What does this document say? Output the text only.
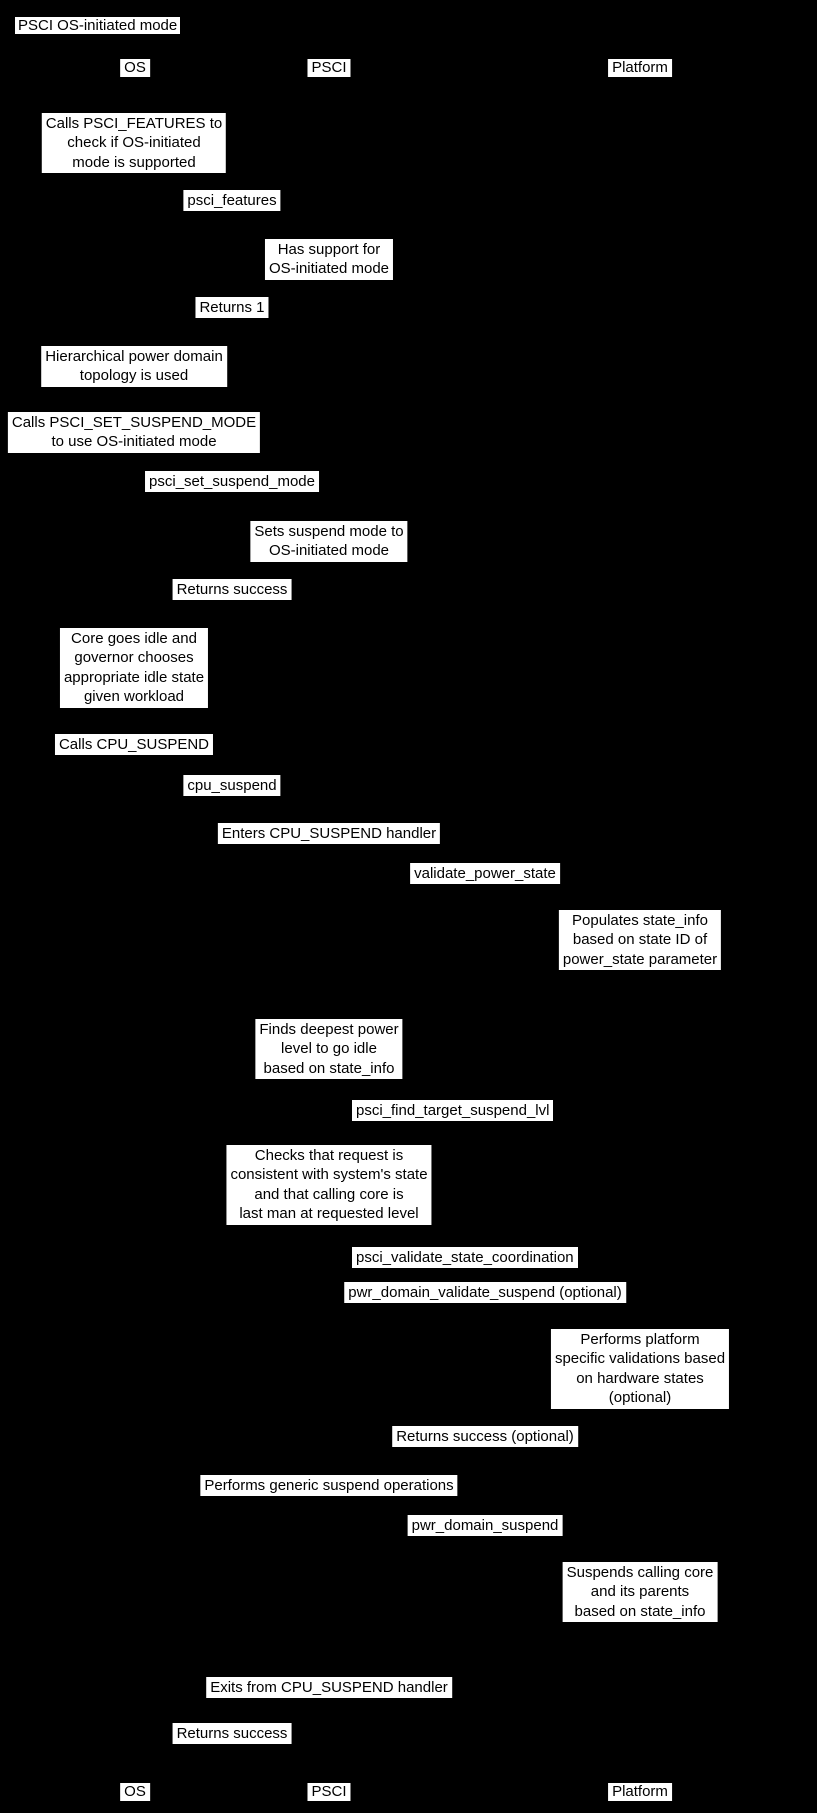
PSCI OS-initiated mode
OS
OS
PSCI
PSCI
Platform
Platform
Calls PSCI_FEATURES to
check if OS-initiated
mode is supported
psci_features
Has support for
OS-initiated mode
Returns 1
Hierarchical power domain
topology is used
Calls PSCI_SET_SUSPEND_MODE
to use OS-initiated mode
psci_set_suspend_mode
Sets suspend mode to
OS-initiated mode
Returns success
Core goes idle and
governor chooses
appropriate idle state
given workload
Calls CPU_SUSPEND
cpu_suspend
Enters CPU_SUSPEND handler
validate_power_state
Populates state_info
based on state ID of
power_state parameter
Finds deepest power
level to go idle
based on state_info
psci_find_target_suspend_lvl
Checks that request is
consistent with system's state
and that calling core is
last man at requested level
psci_validate_state_coordination
pwr_domain_validate_suspend (optional)
Performs platform
specific validations based
on hardware states
(optional)
Returns success (optional)
Performs generic suspend operations
pwr_domain_suspend
Suspends calling core
and its parents
based on state_info
Exits from CPU_SUSPEND handler
Returns success
